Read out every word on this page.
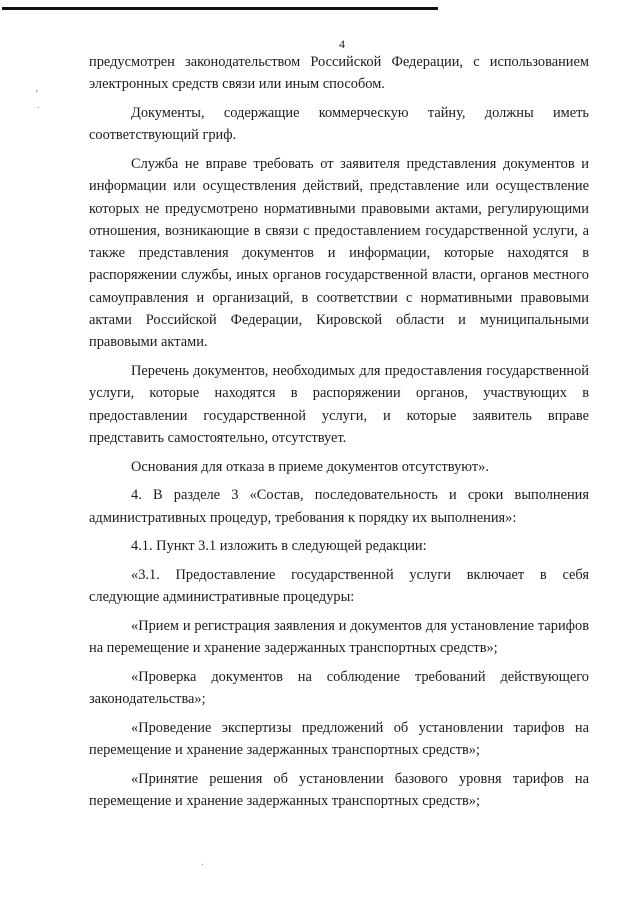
4
'
.

предусмотрен законодательством Российской Федерации, с использованием электронных средств связи или иным способом.

Документы, содержащие коммерческую тайну, должны иметь соответствующий гриф.

Служба не вправе требовать от заявителя представления документов и информации или осуществления действий, представление или осуществление которых не предусмотрено нормативными правовыми актами, регулирующими отношения, возникающие в связи с предоставлением государственной услуги, а также представления документов и информации, которые находятся в распоряжении службы, иных органов государственной власти, органов местного самоуправления и организаций, в соответствии с нормативными правовыми актами Российской Федерации, Кировской области и муниципальными правовыми актами.

Перечень документов, необходимых для предоставления государственной услуги, которые находятся в распоряжении органов, участвующих в предоставлении государственной услуги, и которые заявитель вправе представить самостоятельно, отсутствует.

Основания для отказа в приеме документов отсутствуют».

4. В разделе 3 «Состав, последовательность и сроки выполнения административных процедур, требования к порядку их выполнения»:

4.1. Пункт 3.1 изложить в следующей редакции:

«3.1. Предоставление государственной услуги включает в себя следующие административные процедуры:

«Прием и регистрация заявления и документов для установление тарифов на перемещение и хранение задержанных транспортных средств»;

«Проверка документов на соблюдение требований действующего законодательства»;

«Проведение экспертизы предложений об установлении тарифов на перемещение и хранение задержанных транспортных средств»;

«Принятие решения об установлении базового уровня тарифов на перемещение и хранение задержанных транспортных средств»;

·
